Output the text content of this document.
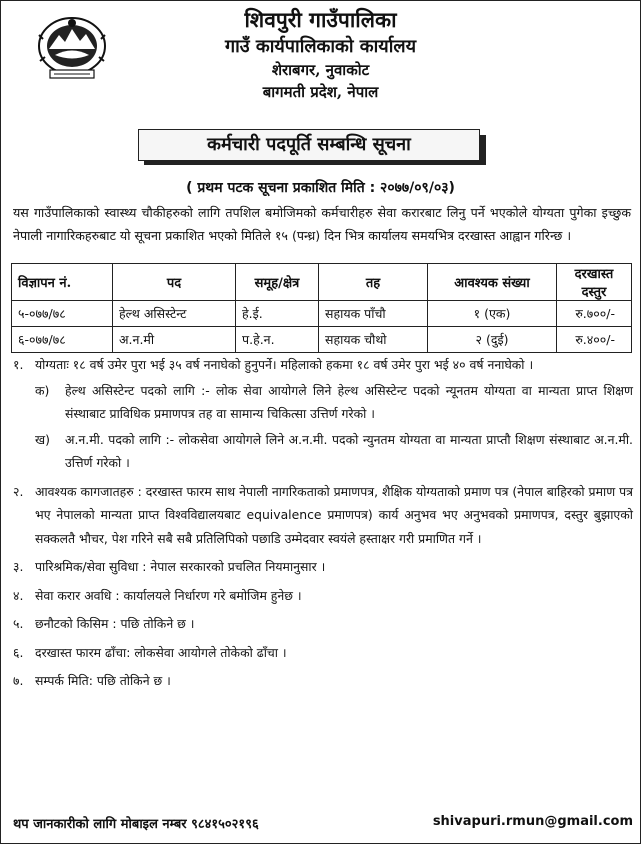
शिवपुरी गाउँपालिका
गाउँ कार्यपालिकाको कार्यालय
शेराबगर, नुवाकोट
बागमती प्रदेश, नेपाल
कर्मचारी पदपूर्ति सम्बन्धि सूचना
( प्रथम पटक सूचना प्रकाशित मिति : २०७७/०९/०३)
यस गाउँपालिकाको स्वास्थ्य चौकीहरुको लागि तपशिल बमोजिमको कर्मचारीहरु सेवा करारबाट लिनु पर्ने भएकोले योग्यता पुगेका इच्छुक नेपाली नागारिकहरुबाट यो सूचना प्रकाशित भएको मितिले १५ (पन्ध्र) दिन भित्र कार्यालय समयभित्र दरखास्त आह्वान गरिन्छ ।
विज्ञापन नं.	पद	समूह/क्षेत्र	तह	आवश्यक संख्या	दरखास्त दस्तुर
५-०७७/७८	हेल्थ असिस्टेन्ट	हे.ई.	सहायक पाँचौ	१ (एक)	रु.७००/-
६-०७७/७८	अ.न.मी	प.हे.न.	सहायक चौथो	२ (दुई)	रु.४००/-
१. योग्यताः १८ वर्ष उमेर पुरा भई ३५ वर्ष ननाघेको हुनुपर्ने। महिलाको हकमा १८ वर्ष उमेर पुरा भई ४० वर्ष ननाघेको ।
क)	हेल्थ असिस्टेन्ट पदको लागि :- लोक सेवा आयोगले लिने हेल्थ असिस्टेन्ट पदको न्यूनतम योग्यता वा मान्यता प्राप्त शिक्षण संस्थाबाट प्राविधिक प्रमाणपत्र तह वा सामान्य चिकित्सा उत्तिर्ण गरेको ।
ख)	अ.न.मी. पदको लागि :- लोकसेवा आयोगले लिने अ.न.मी. पदको न्युनतम योग्यता वा मान्यता प्राप्तौ शिक्षण संस्थाबाट अ.न.मी. उत्तिर्ण गरेको ।
२. आवश्यक कागजातहरु : दरखास्त फारम साथ नेपाली नागरिकताको प्रमाणपत्र, शैक्षिक योग्यताको प्रमाण पत्र (नेपाल बाहिरको प्रमाण पत्र भए नेपालको मान्यता प्राप्त विश्वविद्यालयबाट equivalence प्रमाणपत्र) कार्य अनुभव भए अनुभवको प्रमाणपत्र, दस्तुर बुझाएको सक्कलतै भौचर, पेश गरिने सबै सबै प्रतिलिपिको पछाडि उम्मेदवार स्वयंले हस्ताक्षर गरी प्रमाणित गर्ने ।
३. पारिश्रमिक/सेवा सुविधा : नेपाल सरकारको प्रचलित नियमानुसार ।
४. सेवा करार अवधि : कार्यालयले निर्धारण गरे बमोजिम हुनेछ ।
५. छनौटको किसिम : पछि तोकिने छ ।
६. दरखास्त फारम ढाँचा: लोकसेवा आयोगले तोकेको ढाँचा ।
७. सम्पर्क मिति: पछि तोकिने छ ।
थप जानकारीको लागि मोबाइल नम्बर ९८४१५०२१९६	shivapuri.rmun@gmail.com
